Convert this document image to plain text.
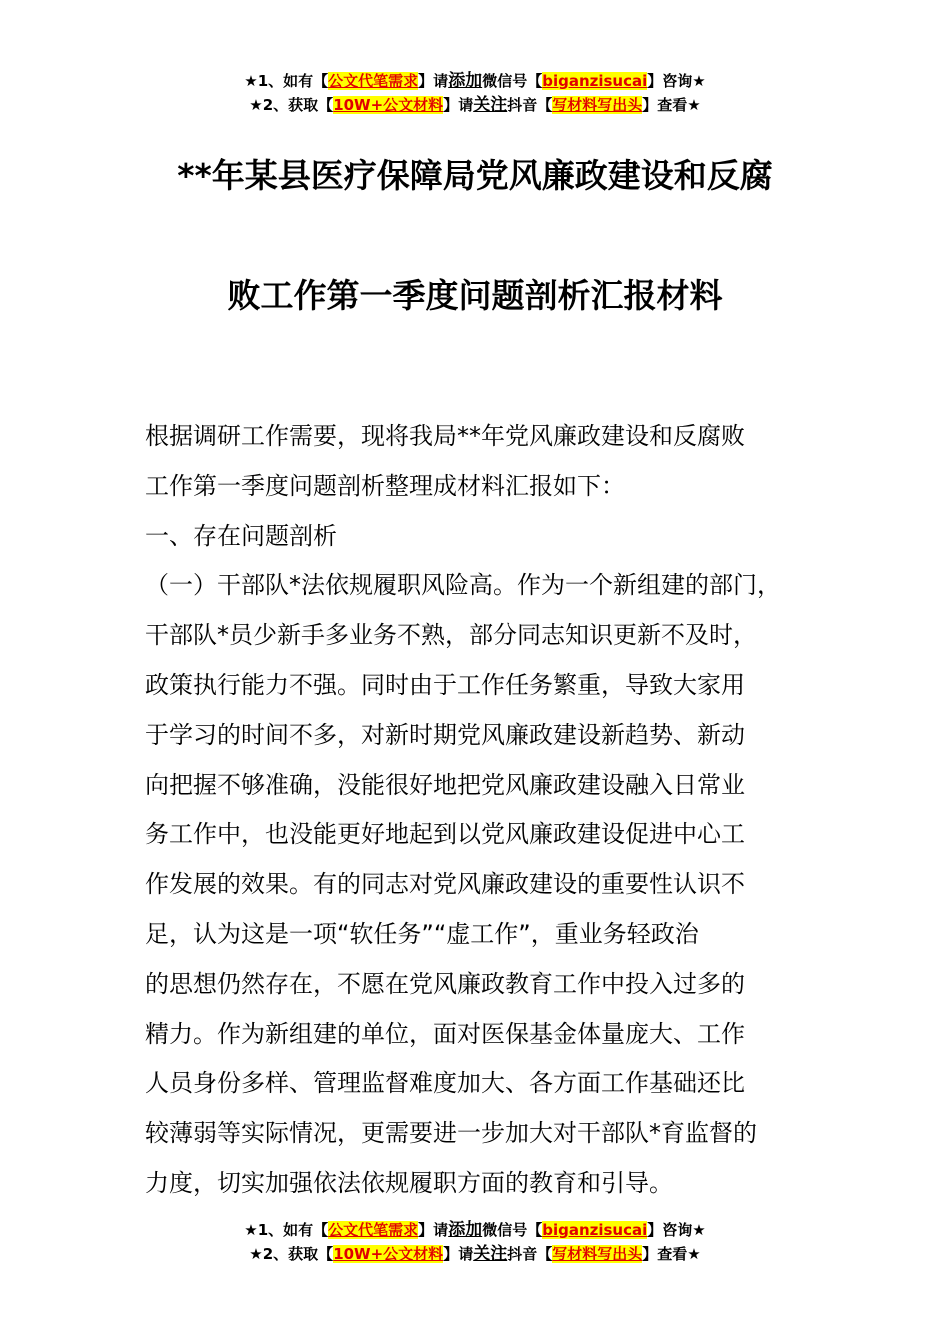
★1、如有【公文代笔需求】请添加微信号【biganzisucai】咨询★
★2、获取【10W+公文材料】请关注抖音【写材料写出头】查看★
**年某县医疗保障局党风廉政建设和反腐
败工作第一季度问题剖析汇报材料
根据调研工作需要，现将我局**年党风廉政建设和反腐败
工作第一季度问题剖析整理成材料汇报如下：
一、存在问题剖析
（一）干部队*法依规履职风险高。作为一个新组建的部门，
干部队*员少新手多业务不熟，部分同志知识更新不及时，
政策执行能力不强。同时由于工作任务繁重，导致大家用
于学习的时间不多，对新时期党风廉政建设新趋势、新动
向把握不够准确，没能很好地把党风廉政建设融入日常业
务工作中，也没能更好地起到以党风廉政建设促进中心工
作发展的效果。有的同志对党风廉政建设的重要性认识不
足，认为这是一项“软任务”“虚工作”，重业务轻政治
的思想仍然存在，不愿在党风廉政教育工作中投入过多的
精力。作为新组建的单位，面对医保基金体量庞大、工作
人员身份多样、管理监督难度加大、各方面工作基础还比
较薄弱等实际情况，更需要进一步加大对干部队*育监督的
力度，切实加强依法依规履职方面的教育和引导。
★1、如有【公文代笔需求】请添加微信号【biganzisucai】咨询★
★2、获取【10W+公文材料】请关注抖音【写材料写出头】查看★
